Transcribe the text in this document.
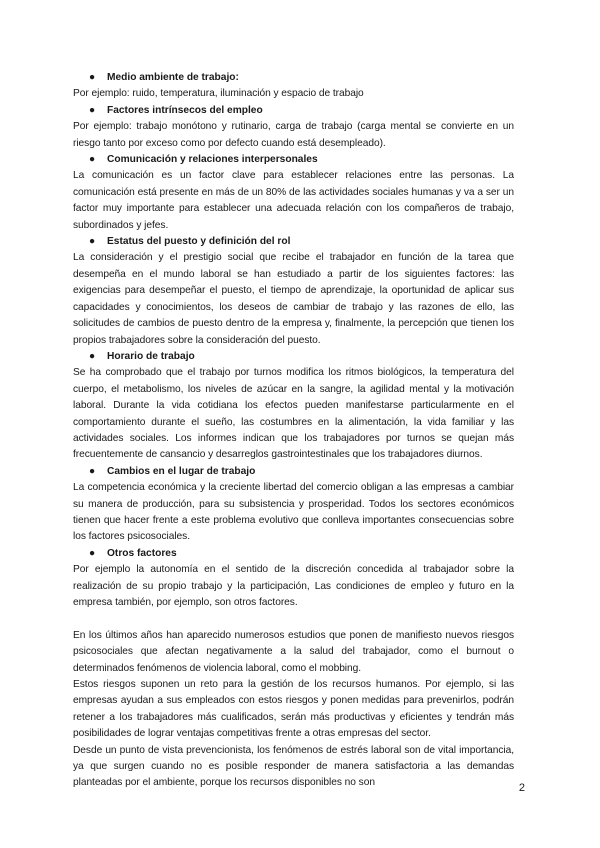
● Medio ambiente de trabajo:

Por ejemplo: ruido, temperatura, iluminación y espacio de trabajo

● Factores intrínsecos del empleo

Por ejemplo: trabajo monótono y rutinario, carga de trabajo (carga mental se convierte en un riesgo tanto por exceso como por defecto cuando está desempleado).

● Comunicación y relaciones interpersonales

La comunicación es un factor clave para establecer relaciones entre las personas. La comunicación está presente en más de un 80% de las actividades sociales humanas y va a ser un factor muy importante para establecer una adecuada relación con los compañeros de trabajo, subordinados y jefes.

● Estatus del puesto y definición del rol

La consideración y el prestigio social que recibe el trabajador en función de la tarea que desempeña en el mundo laboral se han estudiado a partir de los siguientes factores: las exigencias para desempeñar el puesto, el tiempo de aprendizaje, la oportunidad de aplicar sus capacidades y conocimientos, los deseos de cambiar de trabajo y las razones de ello, las solicitudes de cambios de puesto dentro de la empresa y, finalmente, la percepción que tienen los propios trabajadores sobre la consideración del puesto.

● Horario de trabajo

Se ha comprobado que el trabajo por turnos modifica los ritmos biológicos, la temperatura del cuerpo, el metabolismo, los niveles de azúcar en la sangre, la agilidad mental y la motivación laboral. Durante la vida cotidiana los efectos pueden manifestarse particularmente en el comportamiento durante el sueño, las costumbres en la alimentación, la vida familiar y las actividades sociales. Los informes indican que los trabajadores por turnos se quejan más frecuentemente de cansancio y desarreglos gastrointestinales que los trabajadores diurnos.

● Cambios en el lugar de trabajo

La competencia económica y la creciente libertad del comercio obligan a las empresas a cambiar su manera de producción, para su subsistencia y prosperidad. Todos los sectores económicos tienen que hacer frente a este problema evolutivo que conlleva importantes consecuencias sobre los factores psicosociales.

● Otros factores

Por ejemplo la autonomía en el sentido de la discreción concedida al trabajador sobre la realización de su propio trabajo y la participación, Las condiciones de empleo y futuro en la empresa también, por ejemplo, son otros factores.

En los últimos años han aparecido numerosos estudios que ponen de manifiesto nuevos riesgos psicosociales que afectan negativamente a la salud del trabajador, como el burnout o determinados fenómenos de violencia laboral, como el mobbing.

Estos riesgos suponen un reto para la gestión de los recursos humanos. Por ejemplo, si las empresas ayudan a sus empleados con estos riesgos y ponen medidas para prevenirlos, podrán retener a los trabajadores más cualificados, serán más productivas y eficientes y tendrán más posibilidades de lograr ventajas competitivas frente a otras empresas del sector.

Desde un punto de vista prevencionista, los fenómenos de estrés laboral son de vital importancia, ya que surgen cuando no es posible responder de manera satisfactoria a las demandas planteadas por el ambiente, porque los recursos disponibles no son	2
